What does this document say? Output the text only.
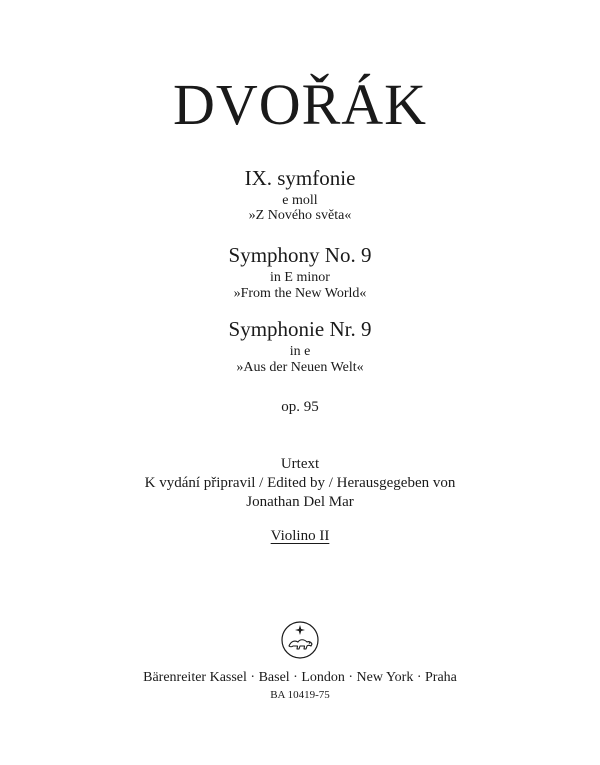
DVOŘÁK
IX. symfonie
e moll
»Z Nového světa«
Symphony No. 9
in E minor
»From the New World«
Symphonie Nr. 9
in e
»Aus der Neuen Welt«
op. 95
Urtext
K vydání připravil / Edited by / Herausgegeben von
Jonathan Del Mar
Violino II
Bärenreiter Kassel · Basel · London · New York · Praha
BA 10419-75
